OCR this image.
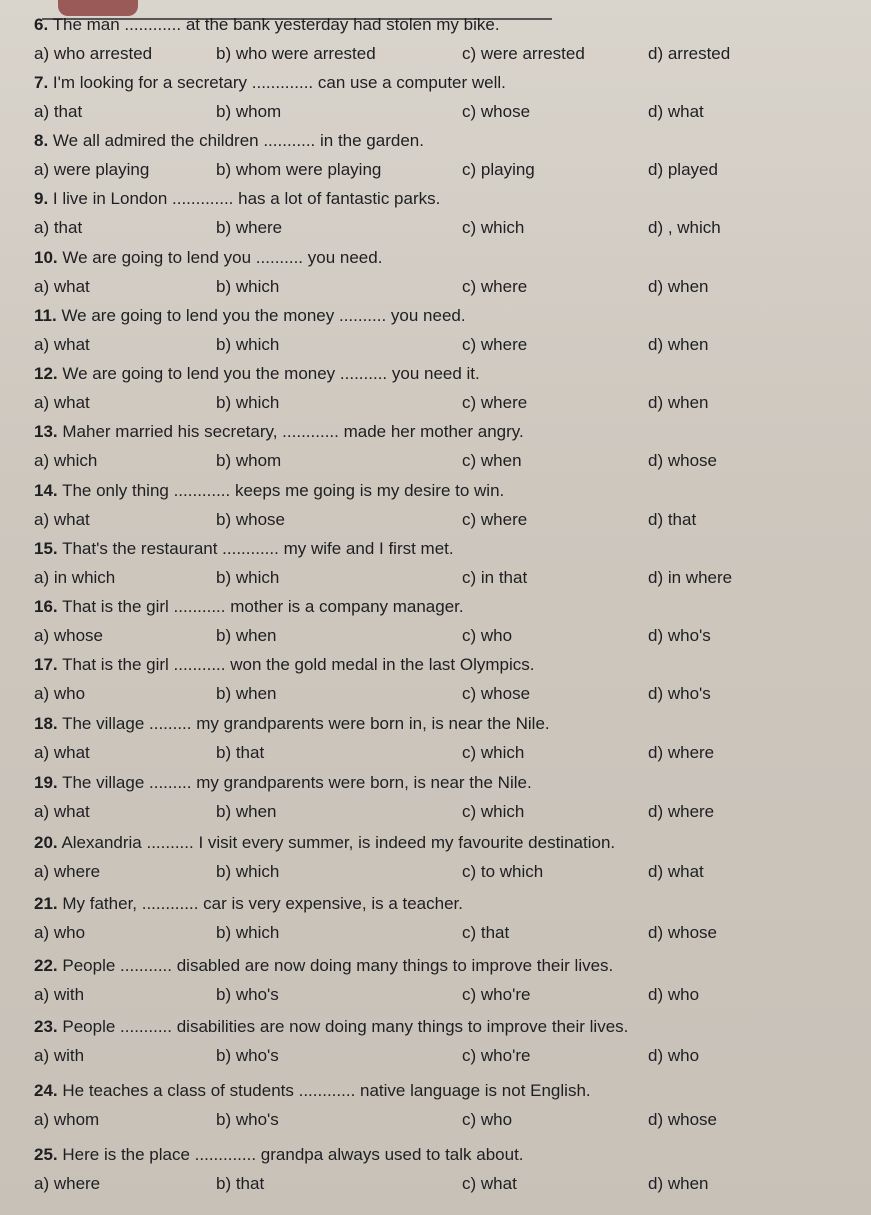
6. The man ............ at the bank yesterday had stolen my bike.
a) who arrested	b) who were arrested	c) were arrested	d) arrested
7. I'm looking for a secretary ............. can use a computer well.
a) that	b) whom	c) whose	d) what
8. We all admired the children ........... in the garden.
a) were playing	b) whom were playing	c) playing	d) played
9. I live in London ............. has a lot of fantastic parks.
a) that	b) where	c) which	d) , which
10. We are going to lend you .......... you need.
a) what	b) which	c) where	d) when
11. We are going to lend you the money .......... you need.
a) what	b) which	c) where	d) when
12. We are going to lend you the money .......... you need it.
a) what	b) which	c) where	d) when
13. Maher married his secretary, ............ made her mother angry.
a) which	b) whom	c) when	d) whose
14. The only thing ............ keeps me going is my desire to win.
a) what	b) whose	c) where	d) that
15. That's the restaurant ............ my wife and I first met.
a) in which	b) which	c) in that	d) in where
16. That is the girl ........... mother is a company manager.
a) whose	b) when	c) who	d) who's
17. That is the girl ........... won the gold medal in the last Olympics.
a) who	b) when	c) whose	d) who's
18. The village ......... my grandparents were born in, is near the Nile.
a) what	b) that	c) which	d) where
19. The village ......... my grandparents were born, is near the Nile.
a) what	b) when	c) which	d) where
20. Alexandria .......... I visit every summer, is indeed my favourite destination.
a) where	b) which	c) to which	d) what
21. My father, ............ car is very expensive, is a teacher.
a) who	b) which	c) that	d) whose
22. People ........... disabled are now doing many things to improve their lives.
a) with	b) who's	c) who're	d) who
23. People ........... disabilities are now doing many things to improve their lives.
a) with	b) who's	c) who're	d) who
24. He teaches a class of students ............ native language is not English.
a) whom	b) who's	c) who	d) whose
25. Here is the place ............. grandpa always used to talk about.
a) where	b) that	c) what	d) when
